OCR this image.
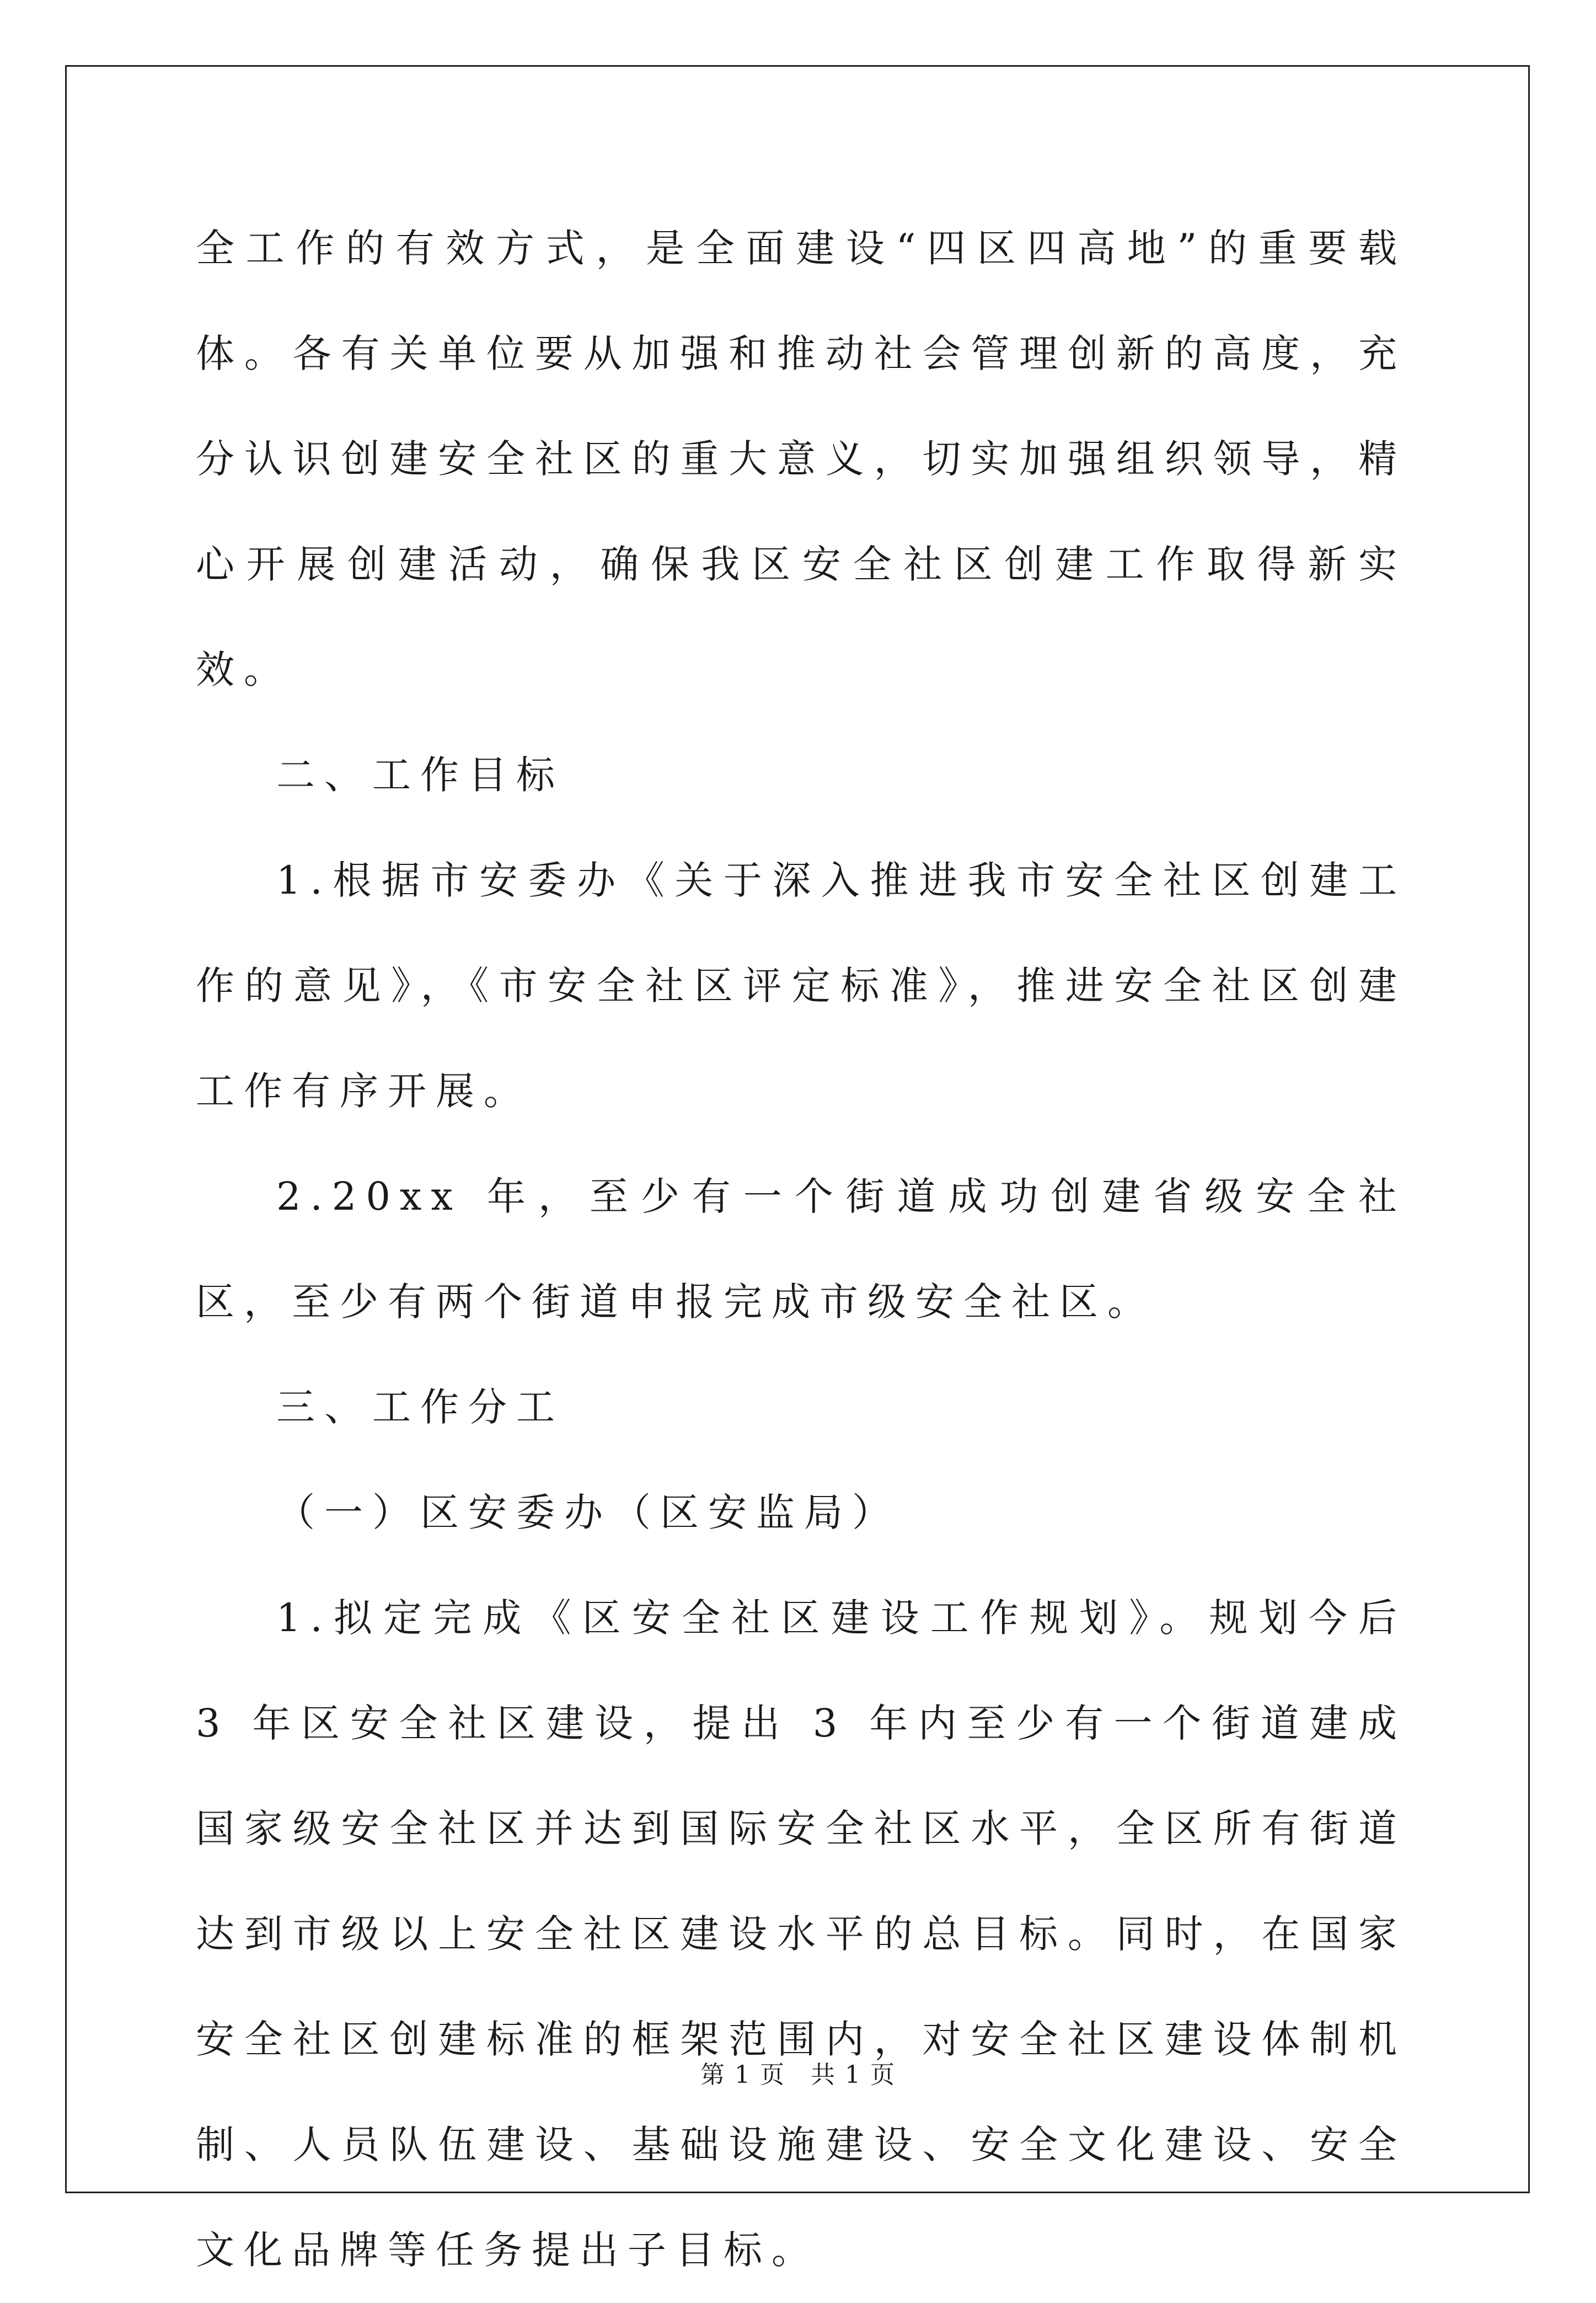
全工作的有效方式，是全面建设“四区四高地”的重要载体。各有关单位要从加强和推动社会管理创新的高度，充分认识创建安全社区的重大意义，切实加强组织领导，精心开展创建活动，确保我区安全社区创建工作取得新实效。

二、工作目标

1.根据市安委办《关于深入推进我市安全社区创建工作的意见》，《市安全社区评定标准》，推进安全社区创建工作有序开展。

2.20xx 年，至少有一个街道成功创建省级安全社区，至少有两个街道申报完成市级安全社区。

三、工作分工

（一）区安委办（区安监局）

1.拟定完成《区安全社区建设工作规划》。规划今后 3 年区安全社区建设，提出 3 年内至少有一个街道建成国家级安全社区并达到国际安全社区水平，全区所有街道达到市级以上安全社区建设水平的总目标。同时，在国家安全社区创建标准的框架范围内，对安全社区建设体制机制、人员队伍建设、基础设施建设、安全文化建设、安全文化品牌等任务提出子目标。

第 1 页　共 1 页
